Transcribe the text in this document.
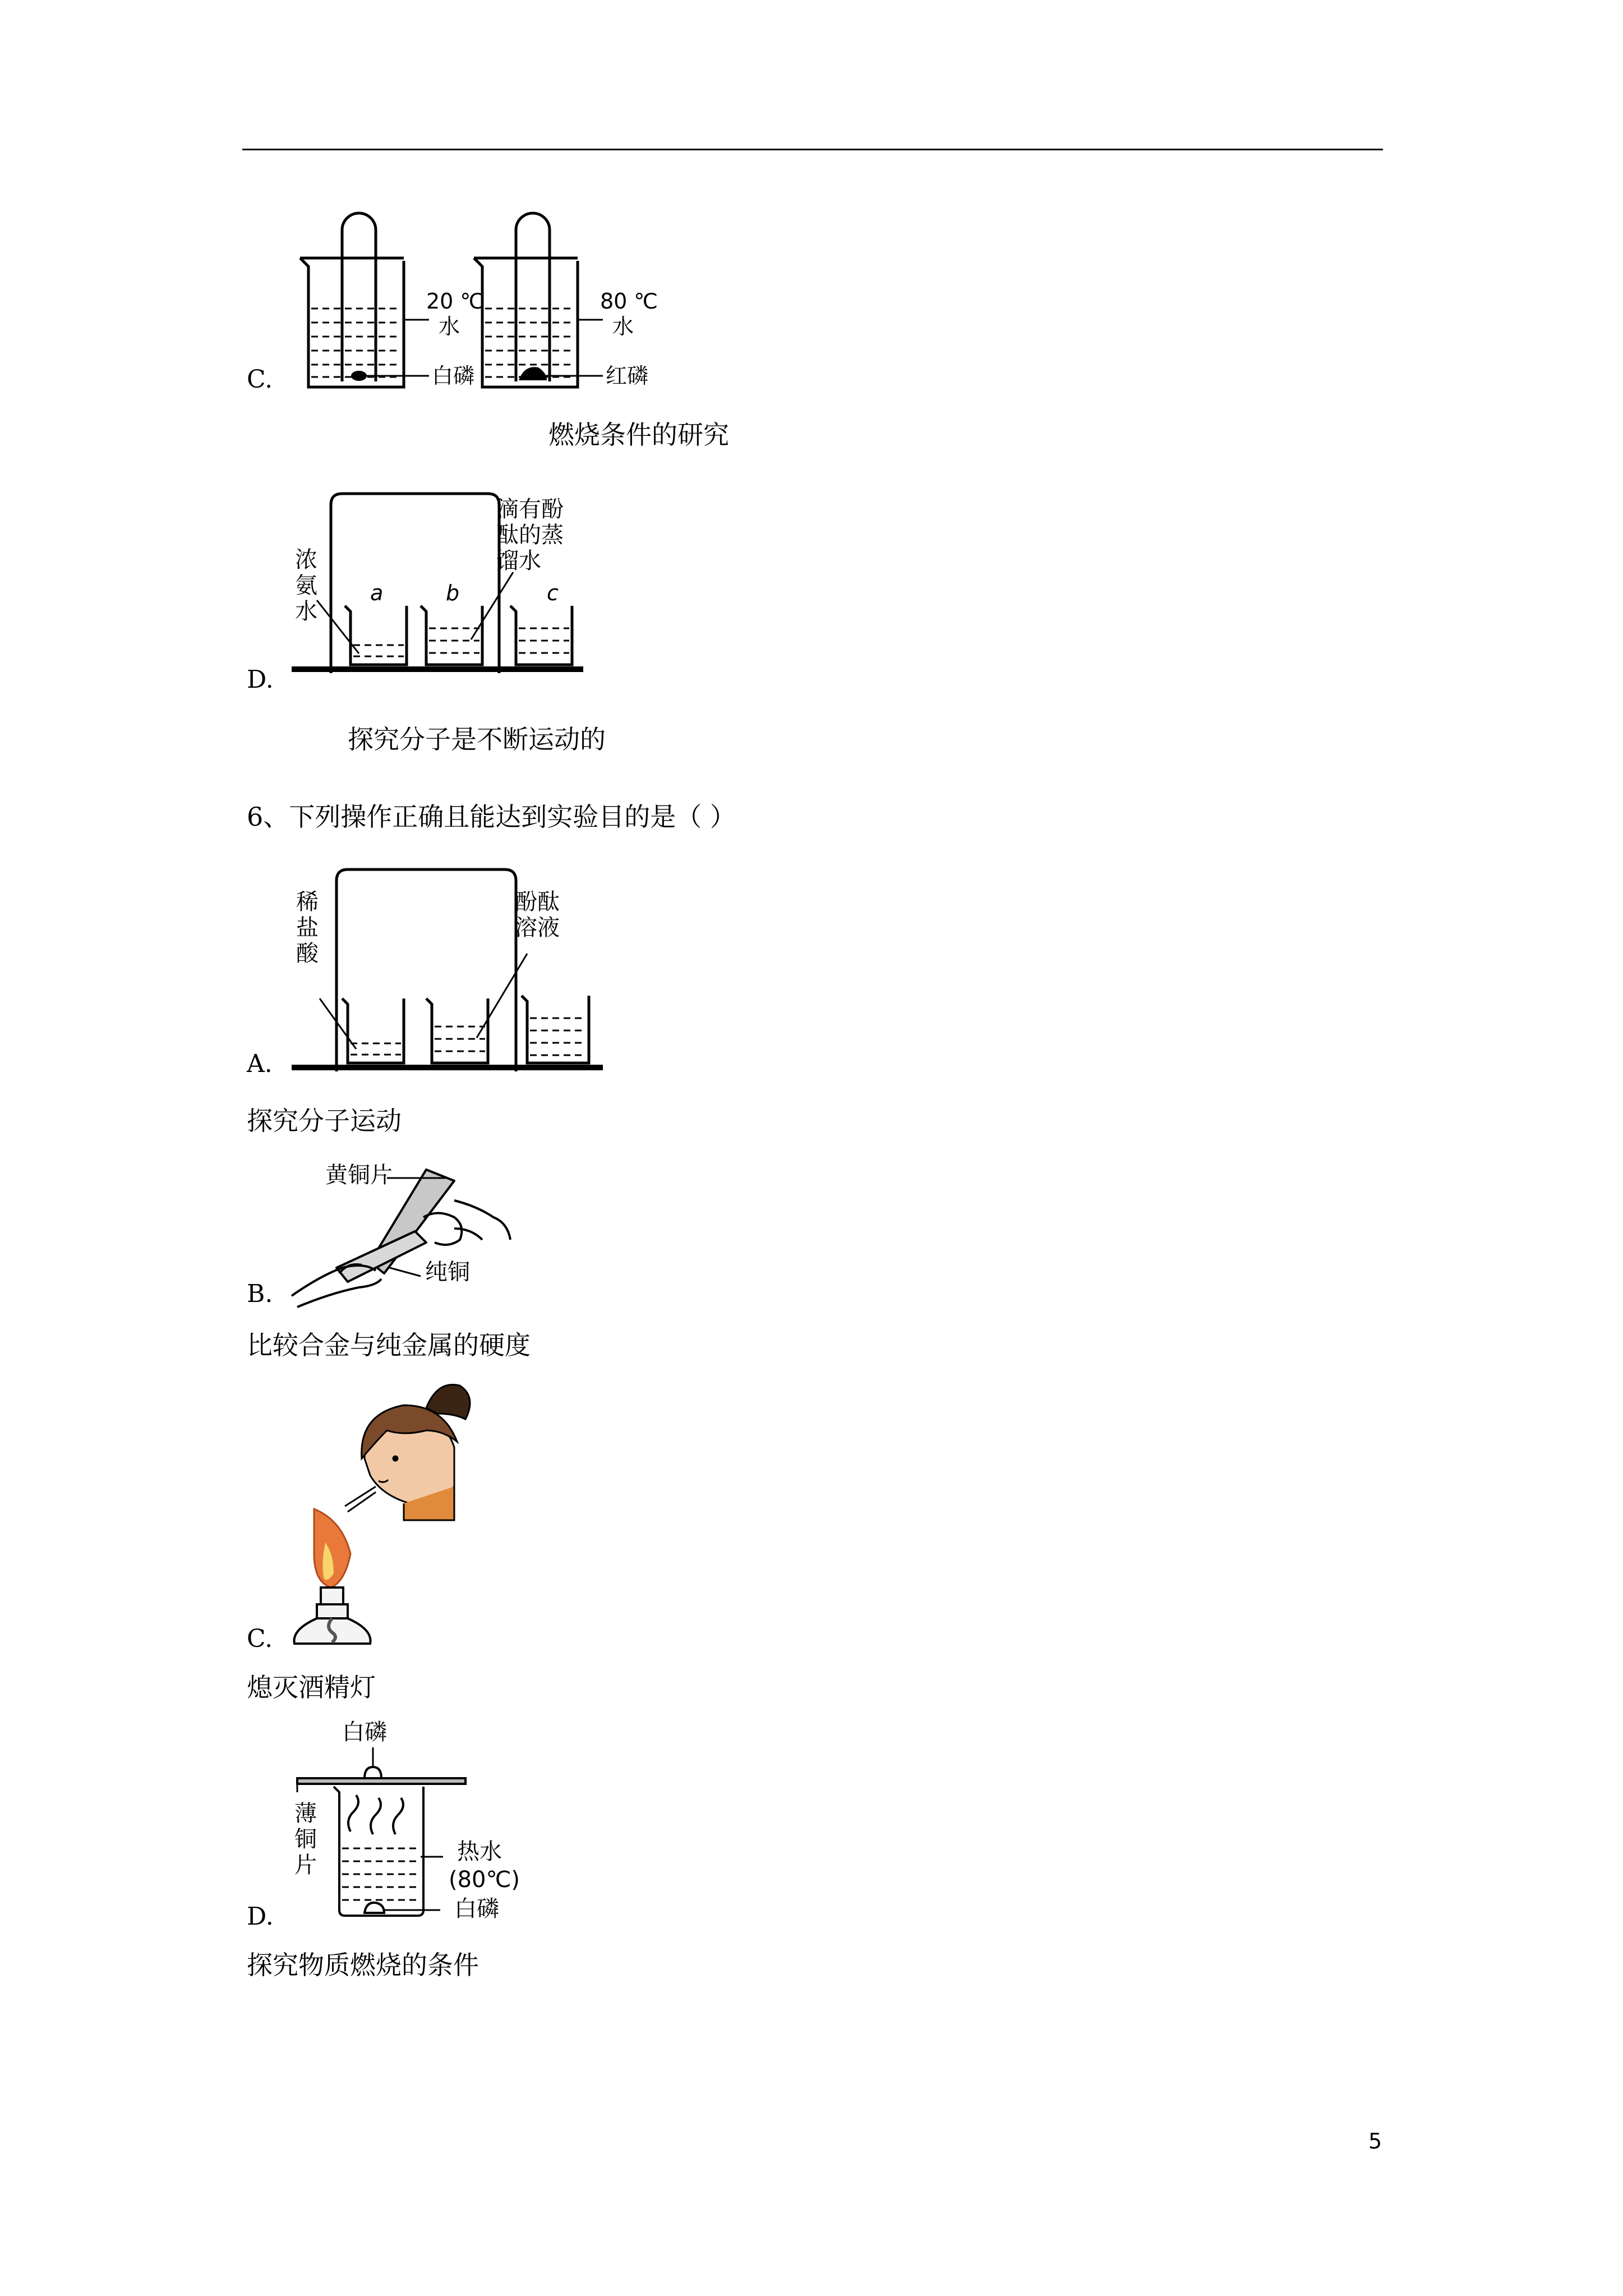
20 ℃
水
白磷
80 ℃
水
红磷
C.
燃烧条件的研究
a	b	c
浓
氨
水
滴有酚
酞的蒸
馏水
D.
探究分子是不断运动的
6、下列操作正确且能达到实验目的是（ ）
稀
盐
酸
酚酞
溶液
A.
探究分子运动
黄铜片
纯铜
B.
比较合金与纯金属的硬度
C.
熄灭酒精灯
白磷
薄
铜
片
热水
(80℃)
白磷
D.
探究物质燃烧的条件
5
